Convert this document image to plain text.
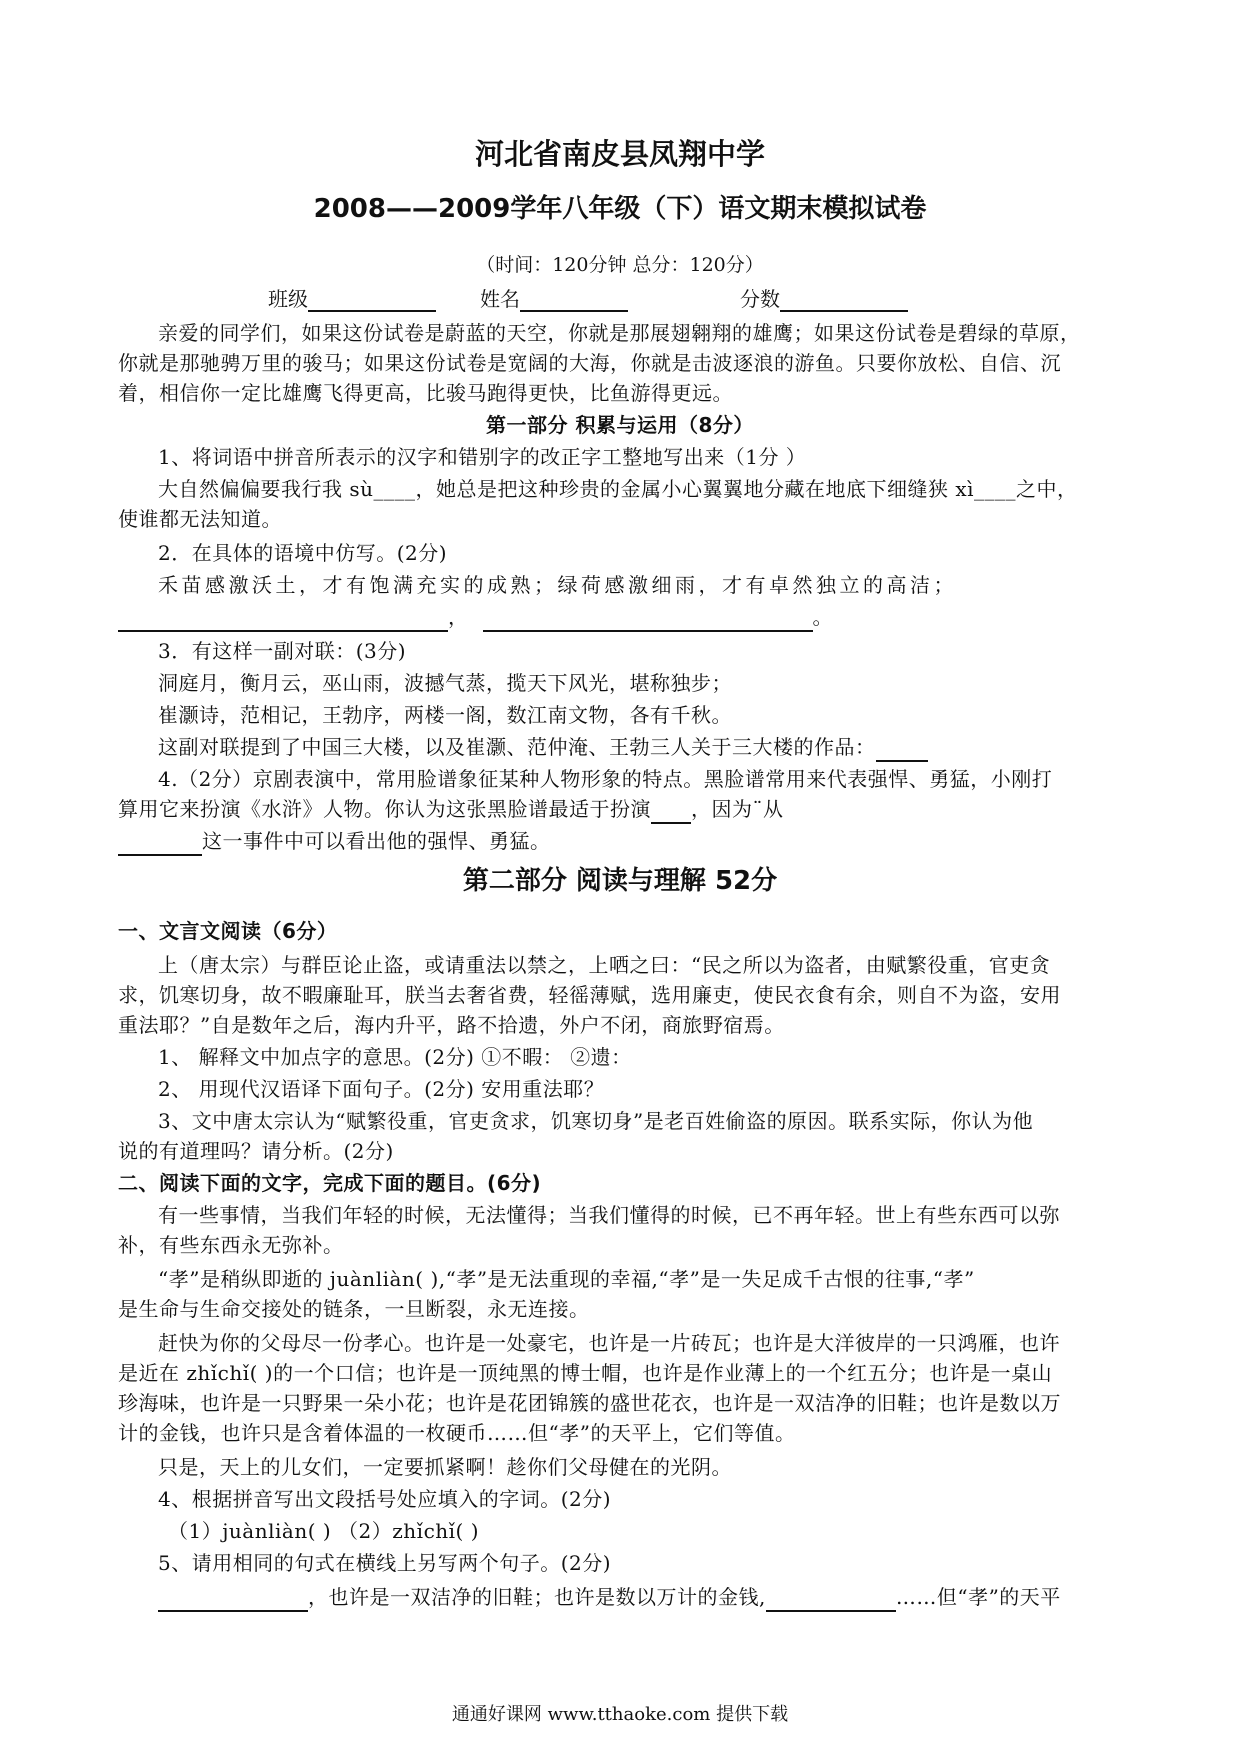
河北省南皮县凤翔中学
2008——2009学年八年级（下）语文期末模拟试卷
（时间：120分钟 总分：120分）
班级	姓名	分数
亲爱的同学们，如果这份试卷是蔚蓝的天空，你就是那展翅翱翔的雄鹰；如果这份试卷是碧绿的草原，
你就是那驰骋万里的骏马；如果这份试卷是宽阔的大海，你就是击波逐浪的游鱼。只要你放松、自信、沉
着，相信你一定比雄鹰飞得更高，比骏马跑得更快，比鱼游得更远。
第一部分 积累与运用（8分）
1、将词语中拼音所表示的汉字和错别字的改正字工整地写出来（1分 ）
大自然偏偏要我行我 sù____，她总是把这种珍贵的金属小心翼翼地分藏在地底下细缝狭 xì____之中，
使谁都无法知道。
2．在具体的语境中仿写。(2分)
禾苗感激沃土，才有饱满充实的成熟；绿荷感激细雨，才有卓然独立的高洁；
，	。
3．有这样一副对联：(3分)
洞庭月，衡月云，巫山雨，波撼气蒸，揽天下风光，堪称独步；
崔灏诗，范相记，王勃序，两楼一阁，数江南文物，各有千秋。
这副对联提到了中国三大楼，以及崔灏、范仲淹、王勃三人关于三大楼的作品：
4.（2分）京剧表演中，常用脸谱象征某种人物形象的特点。黑脸谱常用来代表强悍、勇猛，小刚打
算用它来扮演《水浒》人物。你认为这张黑脸谱最适于扮演 ，因为¨从
这一事件中可以看出他的强悍、勇猛。
第二部分 阅读与理解 52分
一、文言文阅读（6分）
上（唐太宗）与群臣论止盗，或请重法以禁之，上哂之曰：“民之所以为盗者，由赋繁役重，官吏贪
求，饥寒切身，故不暇廉耻耳，朕当去奢省费，轻徭薄赋，选用廉吏，使民衣食有余，则自不为盗，安用
重法耶？”自是数年之后，海内升平，路不拾遗，外户不闭，商旅野宿焉。
1、 解释文中加点字的意思。(2分) ①不暇： ②遗：
2、 用现代汉语译下面句子。(2分) 安用重法耶？
3、文中唐太宗认为“赋繁役重，官吏贪求，饥寒切身”是老百姓偷盗的原因。联系实际，你认为他
说的有道理吗？请分析。(2分)
二、阅读下面的文字，完成下面的题目。(6分)
有一些事情，当我们年轻的时候，无法懂得；当我们懂得的时候，已不再年轻。世上有些东西可以弥
补，有些东西永无弥补。
“孝”是稍纵即逝的 juànliàn( ),“孝”是无法重现的幸福,“孝”是一失足成千古恨的往事,“孝”
是生命与生命交接处的链条，一旦断裂，永无连接。
赶快为你的父母尽一份孝心。也许是一处豪宅，也许是一片砖瓦；也许是大洋彼岸的一只鸿雁，也许
是近在 zhǐchǐ( )的一个口信；也许是一顶纯黑的博士帽，也许是作业薄上的一个红五分；也许是一桌山
珍海味，也许是一只野果一朵小花；也许是花团锦簇的盛世花衣，也许是一双洁净的旧鞋；也许是数以万
计的金钱，也许只是含着体温的一枚硬币……但“孝”的天平上，它们等值。
只是，天上的儿女们，一定要抓紧啊！趁你们父母健在的光阴。
4、根据拼音写出文段括号处应填入的字词。(2分)
（1）juànliàn( ) （2）zhǐchǐ( )
5、请用相同的句式在横线上另写两个句子。(2分)
，也许是一双洁净的旧鞋；也许是数以万计的金钱,	……但“孝”的天平
通通好课网 www.tthaoke.com 提供下载
